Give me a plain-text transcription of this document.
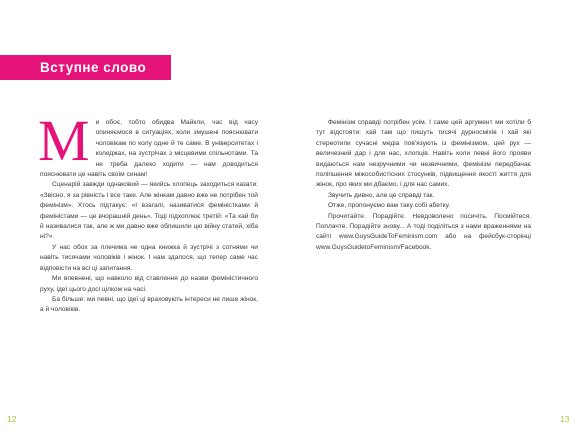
Вступне слово

Ми обоє, тобто обидва Майкли, час від часу опиняємося в ситуаціях, коли змушені пояснювати чоловікам по колу одне й те саме. В університетах і коледжах, на зустрічах з місцевими спільнотами. Та не треба далеко ходити — нам доводиться пояснювати це навіть своїм синам!

Сценарій завжди однаковий — якийсь хлопець заходиться казати: «Звісно, я за рівність і все таке. Але жінкам давно вже не потрібен той фемінізм». Хтось підтакує: «І взагалі, називатися феміністками й феміністами — це вчорашній день». Тоді підхоплює третій: «Та хай би й називалися так, але ж ми давно вже облишили цю війну статей, хіба ні?»

У нас обох за плечима не одна книжка й зустрічі з сотнями чи навіть тисячами чоловіків і жінок. І нам здалося, що тепер саме час відповісти на всі ці запитання.

Ми впевнені, що навколо від ставлення до назви феміністичного руху, ідеї цього досі цілком на часі.

Ба більше: ми певні, що ідеї ці враховують інтереси не лише жінок, а й чоловіків.

Фемінізм справді потрібен усім. І саме цей аргумент ми хотіли б тут відстояти: хай там що пишуть тисячі дурносміхів і хай які стереотипи сучасні медіа пов'язують із фемінізмом, цей рух — величезний дар і для нас, хлопців. Навіть коли певні його прояви видаються нам незручними чи незвичними, фемінізм передбачає поліпшення міжособистісних стосунків, підвищення якості життя для жінок, про яких ми дбаємо, і для нас самих.

Звучить дивно, але це справді так.

Отже, пропонуємо вам таку собі абетку.

Прочитайте. Порадійте. Невдоволено посичіть. Посмійтеся. Поплачте. Порадійте знову... А тоді поділіться з нами враженнями на сайті www.GuysGuideToFeminism.com або на фейсбук-сторінці www.GuysGuidetoFeminism/Facebook.

12	13
